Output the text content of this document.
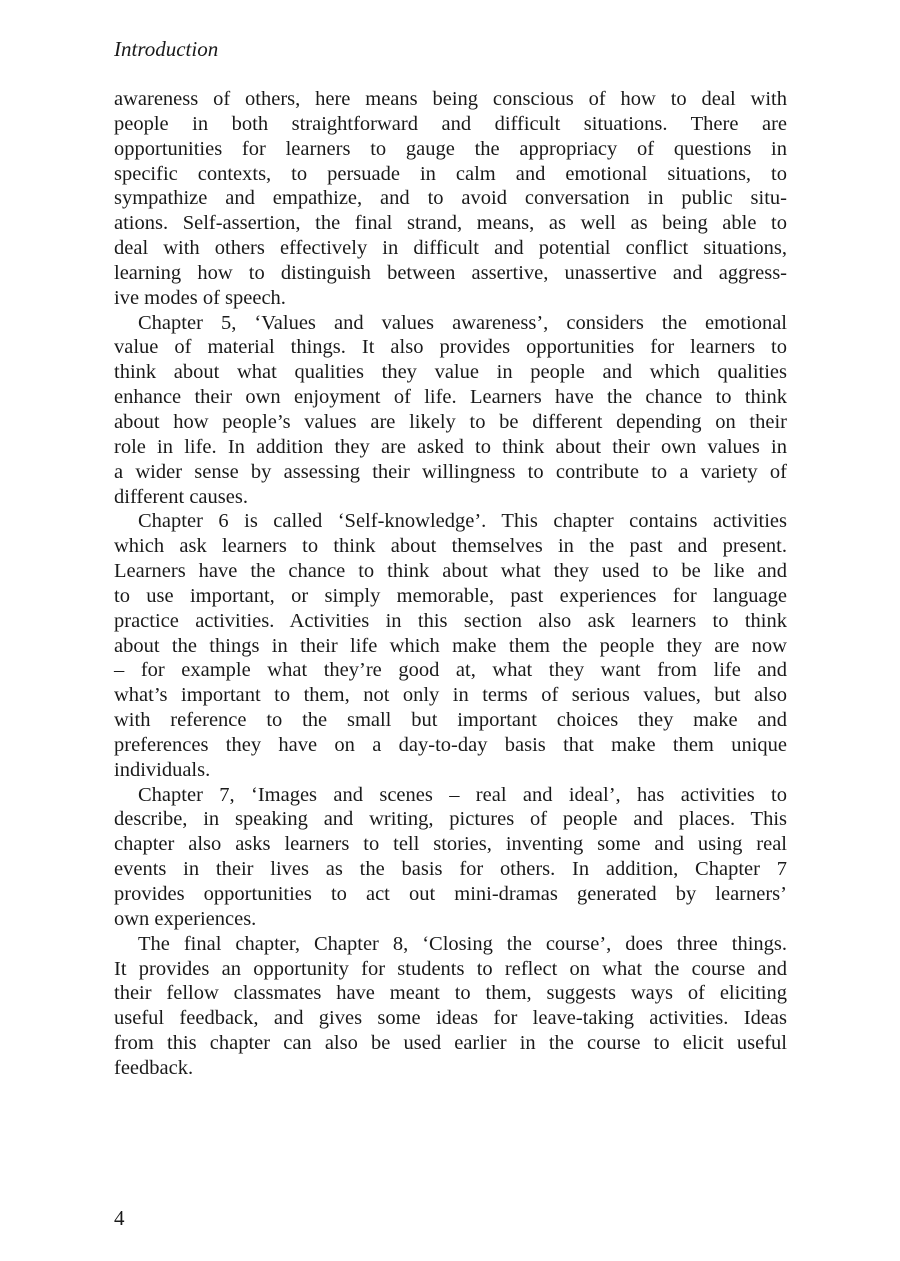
Introduction
awareness of others, here means being conscious of how to deal with
people in both straightforward and difficult situations. There are
opportunities for learners to gauge the appropriacy of questions in
specific contexts, to persuade in calm and emotional situations, to
sympathize and empathize, and to avoid conversation in public situ-
ations. Self-assertion, the final strand, means, as well as being able to
deal with others effectively in difficult and potential conflict situations,
learning how to distinguish between assertive, unassertive and aggress-
ive modes of speech.
Chapter 5, ‘Values and values awareness’, considers the emotional
value of material things. It also provides opportunities for learners to
think about what qualities they value in people and which qualities
enhance their own enjoyment of life. Learners have the chance to think
about how people’s values are likely to be different depending on their
role in life. In addition they are asked to think about their own values in
a wider sense by assessing their willingness to contribute to a variety of
different causes.
Chapter 6 is called ‘Self-knowledge’. This chapter contains activities
which ask learners to think about themselves in the past and present.
Learners have the chance to think about what they used to be like and
to use important, or simply memorable, past experiences for language
practice activities. Activities in this section also ask learners to think
about the things in their life which make them the people they are now
– for example what they’re good at, what they want from life and
what’s important to them, not only in terms of serious values, but also
with reference to the small but important choices they make and
preferences they have on a day-to-day basis that make them unique
individuals.
Chapter 7, ‘Images and scenes – real and ideal’, has activities to
describe, in speaking and writing, pictures of people and places. This
chapter also asks learners to tell stories, inventing some and using real
events in their lives as the basis for others. In addition, Chapter 7
provides opportunities to act out mini-dramas generated by learners’
own experiences.
The final chapter, Chapter 8, ‘Closing the course’, does three things.
It provides an opportunity for students to reflect on what the course and
their fellow classmates have meant to them, suggests ways of eliciting
useful feedback, and gives some ideas for leave-taking activities. Ideas
from this chapter can also be used earlier in the course to elicit useful
feedback.
4
